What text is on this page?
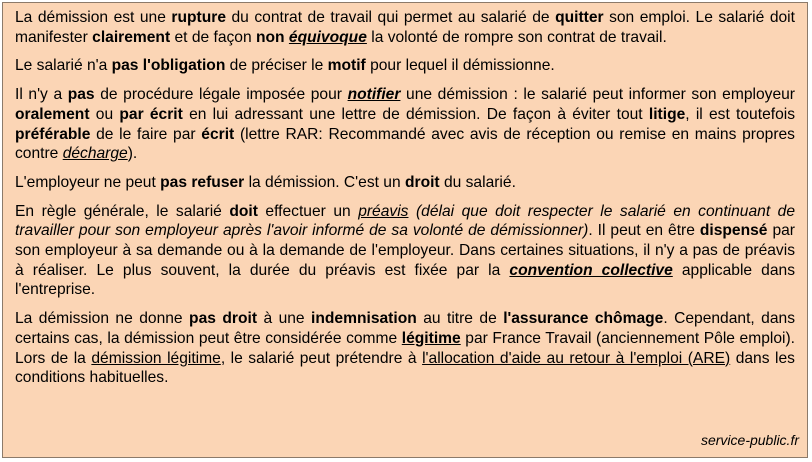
La démission est une rupture du contrat de travail qui permet au salarié de quitter son emploi. Le salarié doit manifester clairement et de façon non équivoque la volonté de rompre son contrat de travail.

Le salarié n'a pas l'obligation de préciser le motif pour lequel il démissionne.

Il n'y a pas de procédure légale imposée pour notifier une démission : le salarié peut informer son employeur oralement ou par écrit en lui adressant une lettre de démission. De façon à éviter tout litige, il est toutefois préférable de le faire par écrit (lettre RAR: Recommandé avec avis de réception ou remise en mains propres contre décharge).

L'employeur ne peut pas refuser la démission. C'est un droit du salarié.

En règle générale, le salarié doit effectuer un préavis (délai que doit respecter le salarié en continuant de travailler pour son employeur après l'avoir informé de sa volonté de démissionner). Il peut en être dispensé par son employeur à sa demande ou à la demande de l'employeur. Dans certaines situations, il n'y a pas de préavis à réaliser. Le plus souvent, la durée du préavis est fixée par la convention collective applicable dans l'entreprise.

La démission ne donne pas droit à une indemnisation au titre de l'assurance chômage. Cependant, dans certains cas, la démission peut être considérée comme légitime par France Travail (anciennement Pôle emploi). Lors de la démission légitime, le salarié peut prétendre à l'allocation d'aide au retour à l'emploi (ARE) dans les conditions habituelles.

service-public.fr
